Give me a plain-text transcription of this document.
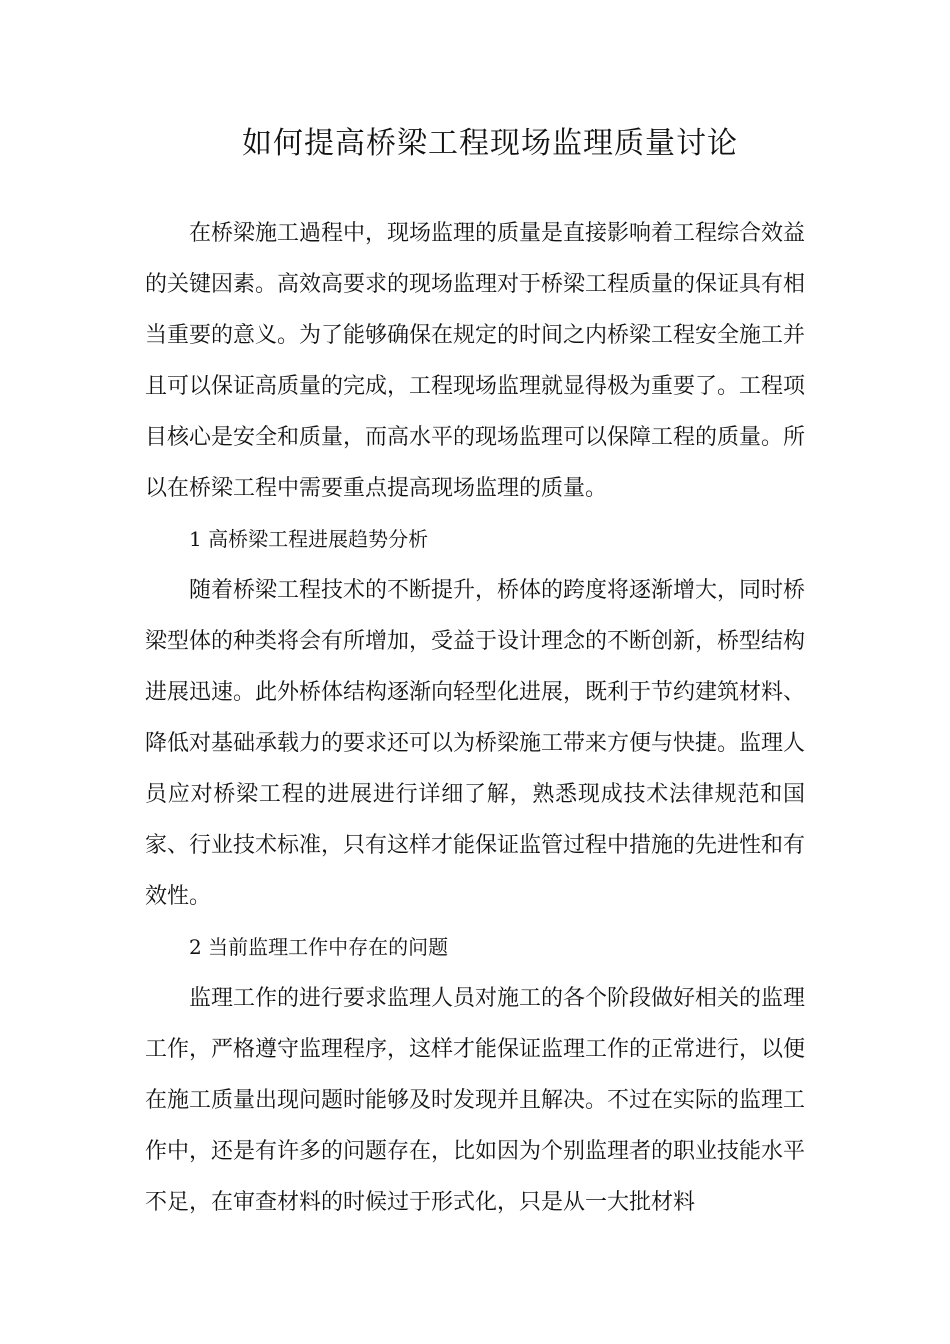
如何提高桥梁工程现场监理质量讨论

在桥梁施工過程中，现场监理的质量是直接影响着工程综合效益的关键因素。高效高要求的现场监理对于桥梁工程质量的保证具有相当重要的意义。为了能够确保在规定的时间之内桥梁工程安全施工并且可以保证高质量的完成，工程现场监理就显得极为重要了。工程项目核心是安全和质量，而高水平的现场监理可以保障工程的质量。所以在桥梁工程中需要重点提高现场监理的质量。

1 高桥梁工程进展趋势分析

随着桥梁工程技术的不断提升，桥体的跨度将逐渐增大，同时桥梁型体的种类将会有所增加，受益于设计理念的不断创新，桥型结构进展迅速。此外桥体结构逐渐向轻型化进展，既利于节约建筑材料、降低对基础承载力的要求还可以为桥梁施工带来方便与快捷。监理人员应对桥梁工程的进展进行详细了解，熟悉现成技术法律规范和国家、行业技术标准，只有这样才能保证监管过程中措施的先进性和有效性。

2 当前监理工作中存在的问题

监理工作的进行要求监理人员对施工的各个阶段做好相关的监理工作，严格遵守监理程序，这样才能保证监理工作的正常进行，以便在施工质量出现问题时能够及时发现并且解决。不过在实际的监理工作中，还是有许多的问题存在，比如因为个别监理者的职业技能水平不足，在审查材料的时候过于形式化，只是从一大批材料
